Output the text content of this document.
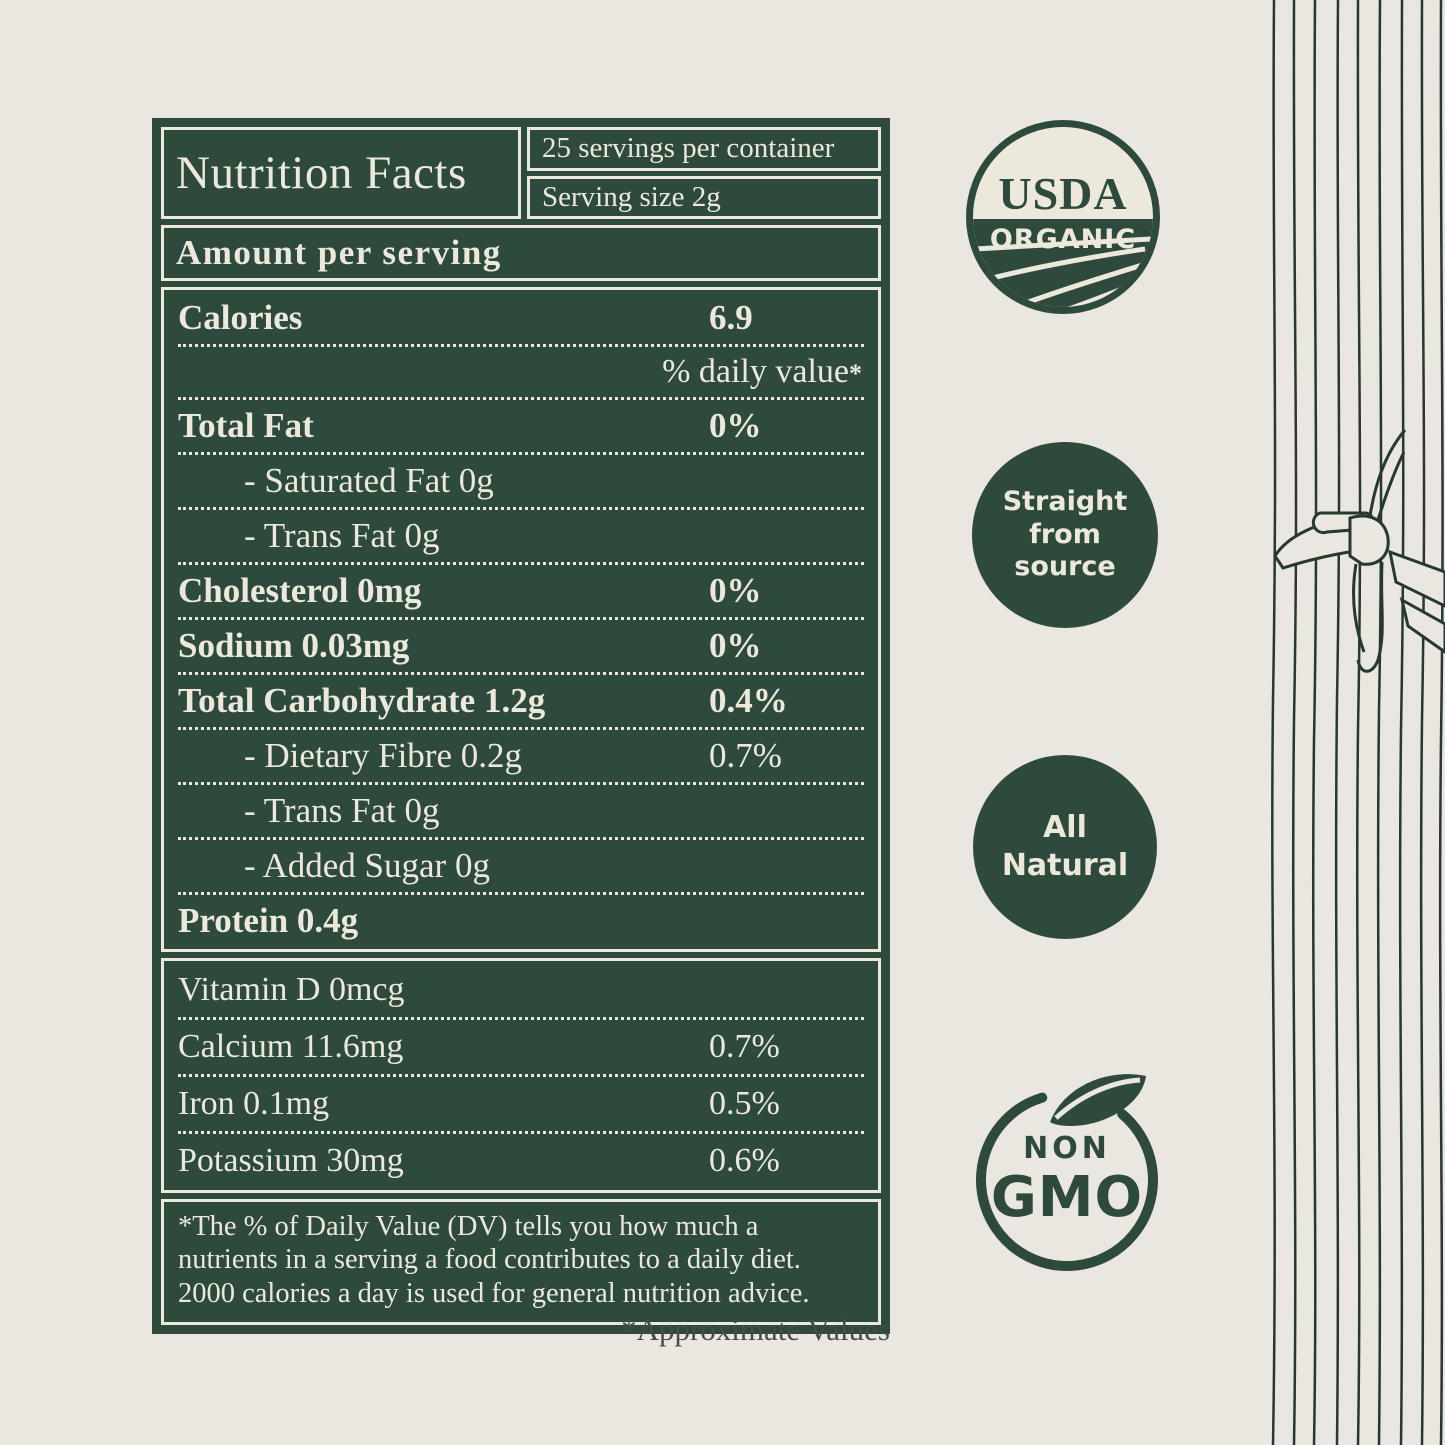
Nutrition Facts	25 servings per container
Serving size 2g
Amount per serving
Calories	6.9
% daily value *
Total Fat	0%
- Saturated Fat 0g
- Trans Fat 0g
Cholesterol 0mg	0%
Sodium 0.03mg	0%
Total Carbohydrate 1.2g	0.4%
- Dietary Fibre 0.2g	0.7%
- Trans Fat 0g
- Added Sugar 0g
Protein 0.4g
Vitamin D 0mcg
Calcium 11.6mg	0.7%
Iron 0.1mg	0.5%
Potassium 30mg	0.6%
*The % of Daily Value (DV) tells you how much a nutrients in a serving a food contributes to a daily diet. 2000 calories a day is used for general nutrition advice.
*Approximate Values
USDA
ORGANIC
Straight
from
source
All
Natural
NON
GMO
